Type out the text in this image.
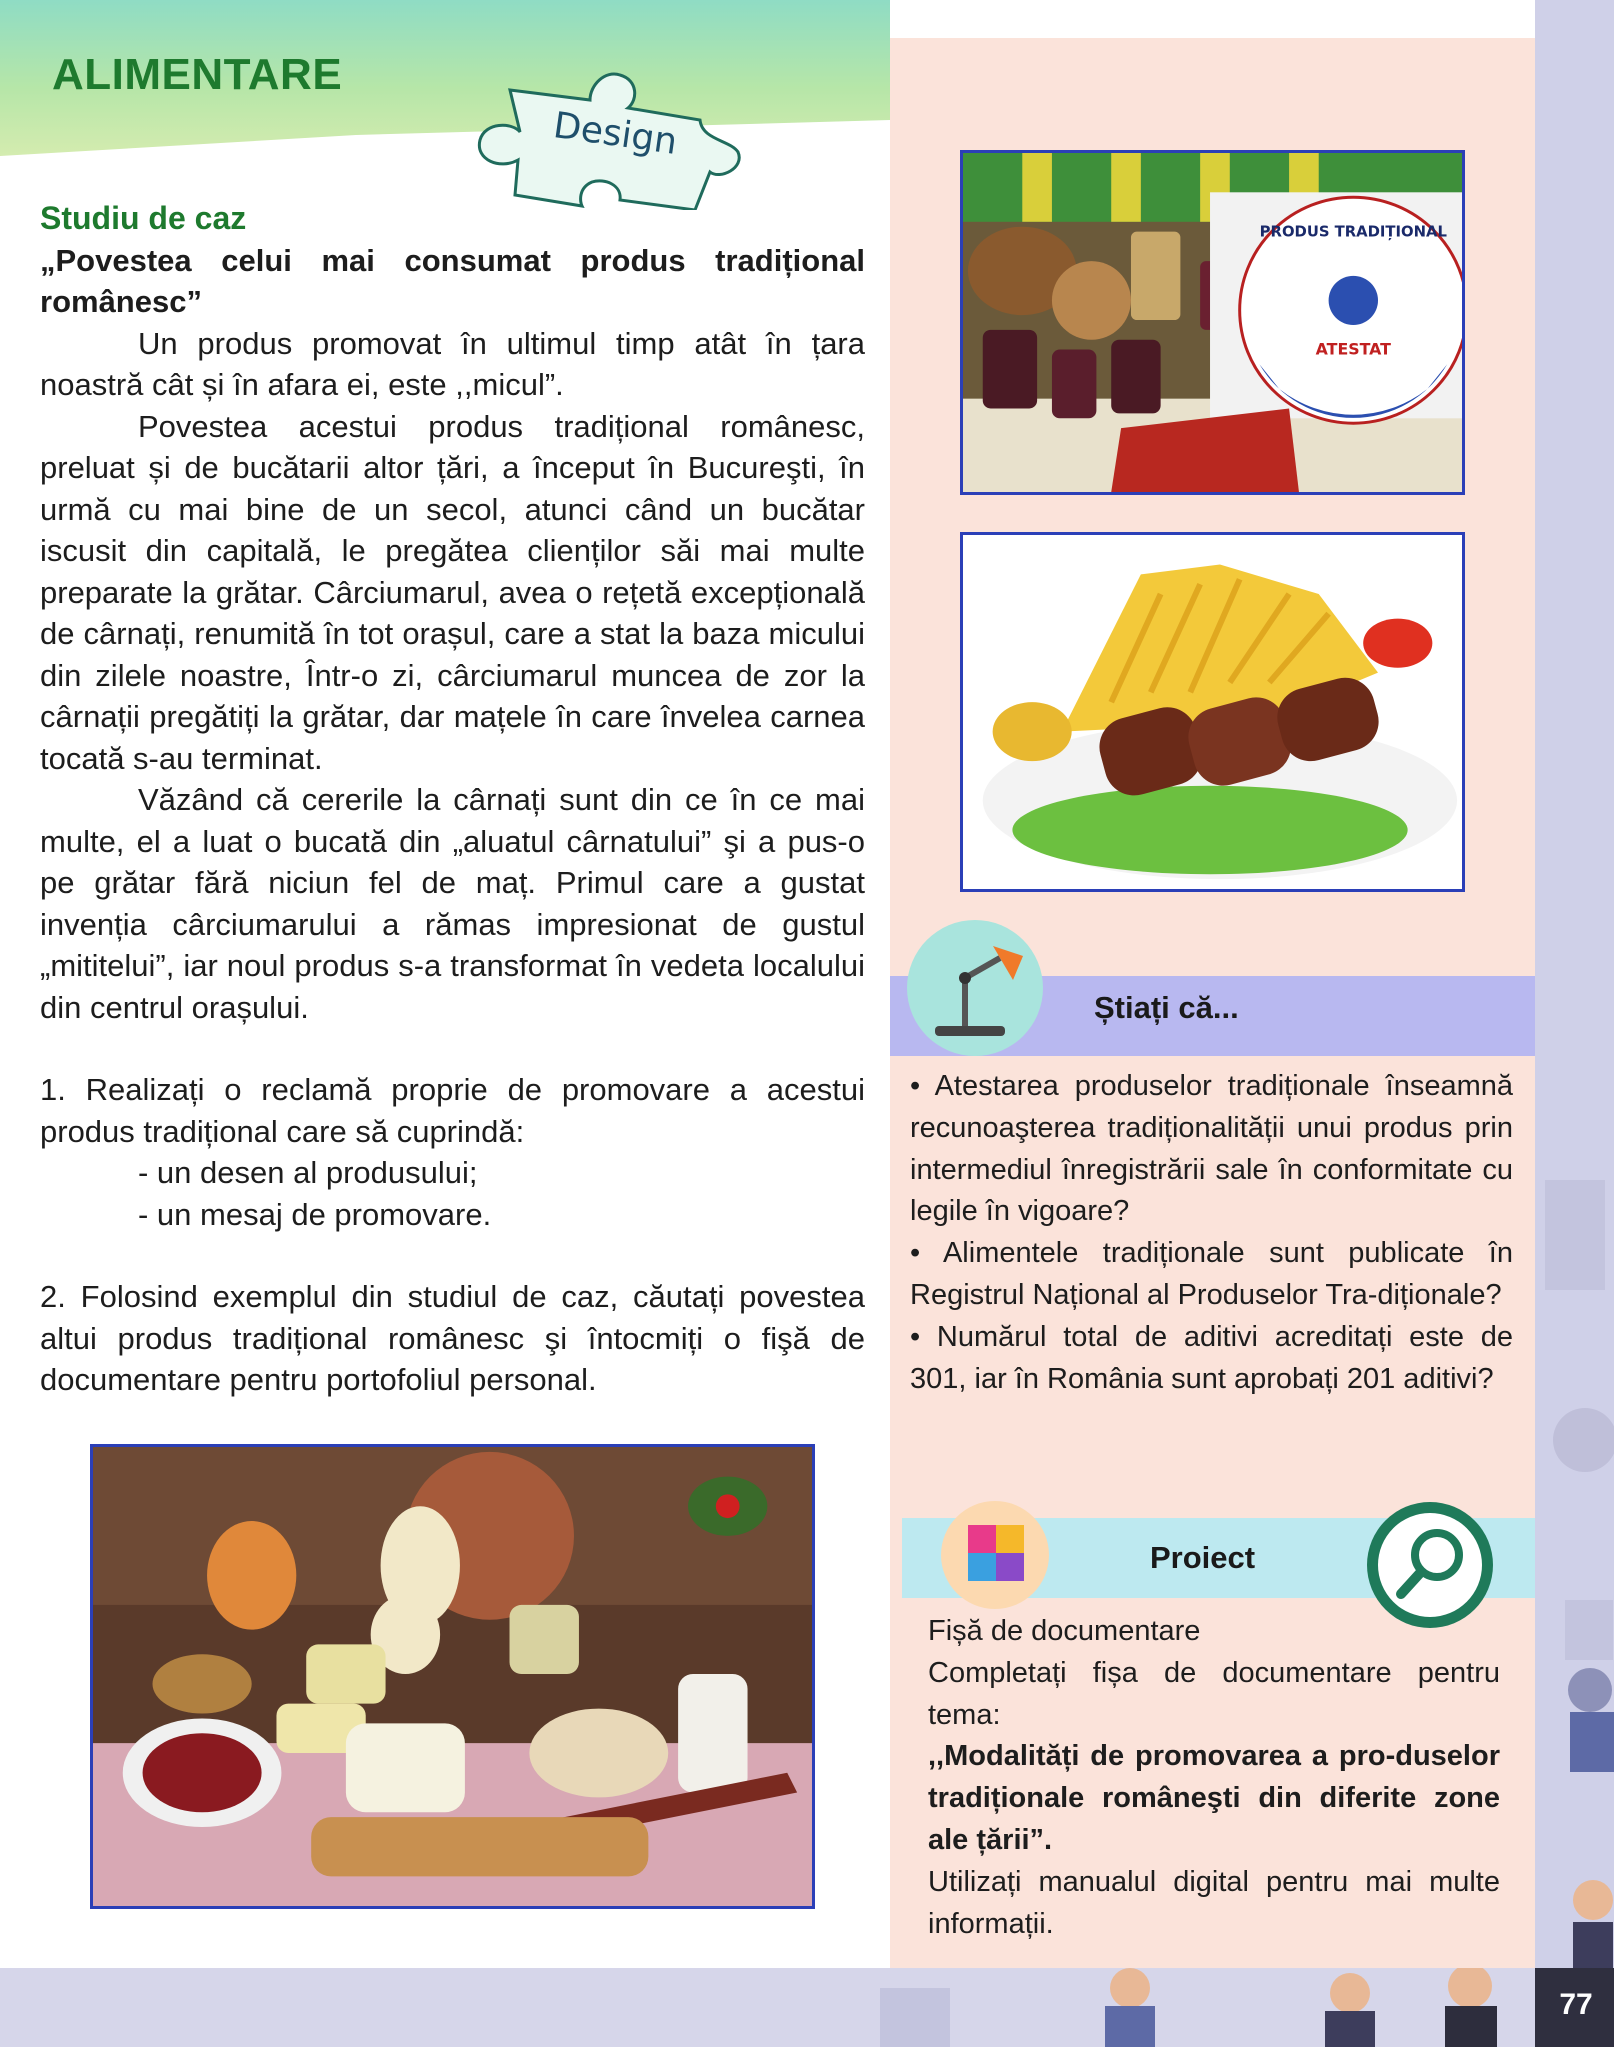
77
ALIMENTARE
Design
Studiu de caz
„Povestea celui mai consumat produs tradițional românesc”

Un produs promovat în ultimul timp atât în țara noastră cât și în afara ei, este ,,micul”.

Povestea acestui produs tradițional românesc, preluat și de bucătarii altor țări, a început în Bucureşti, în urmă cu mai bine de un secol, atunci când un bucătar iscusit din capitală, le pregătea clienților săi mai multe preparate la grătar. Cârciumarul, avea o rețetă excepțională de cârnați, renumită în tot orașul, care a stat la baza micului din zilele noastre, Într-o zi, cârciumarul muncea de zor la cârnații pregătiți la grătar, dar mațele în care învelea carnea tocată s-au terminat.

Văzând că cererile la cârnați sunt din ce în ce mai multe, el a luat o bucată din „aluatul cârnatului” şi a pus-o pe grătar fără niciun fel de maț. Primul care a gustat invenția cârciumarului a rămas impresionat de gustul „mititelui”, iar noul produs s-a transformat în vedeta localului din centrul orașului.

1. Realizați o reclamă proprie de promovare a acestui produs tradițional care să cuprindă:

- un desen al produsului;

- un mesaj de promovare.

2. Folosind exemplul din studiul de caz, căutați povestea altui produs tradițional românesc şi întocmiți o fişă de documentare pentru portofoliul personal.

PRODUS TRADIȚIONAL
ATESTAT
ROMÂNIA
Știați că...

• Atestarea produselor tradiționale înseamnă recunoaşterea tradiționalității unui produs prin intermediul înregistrării sale în conformitate cu legile în vigoare?

• Alimentele tradiționale sunt publicate în Registrul Național al Produselor Tra-diționale?

• Numărul total de aditivi acreditați este de 301, iar în România sunt aprobați 201 aditivi?

Proiect

Fișă de documentare

Completați fișa de documentare pentru tema:

,,Modalități de promovarea a pro-duselor tradiționale româneşti din diferite zone ale țării”.

Utilizați manualul digital pentru mai multe informații.
